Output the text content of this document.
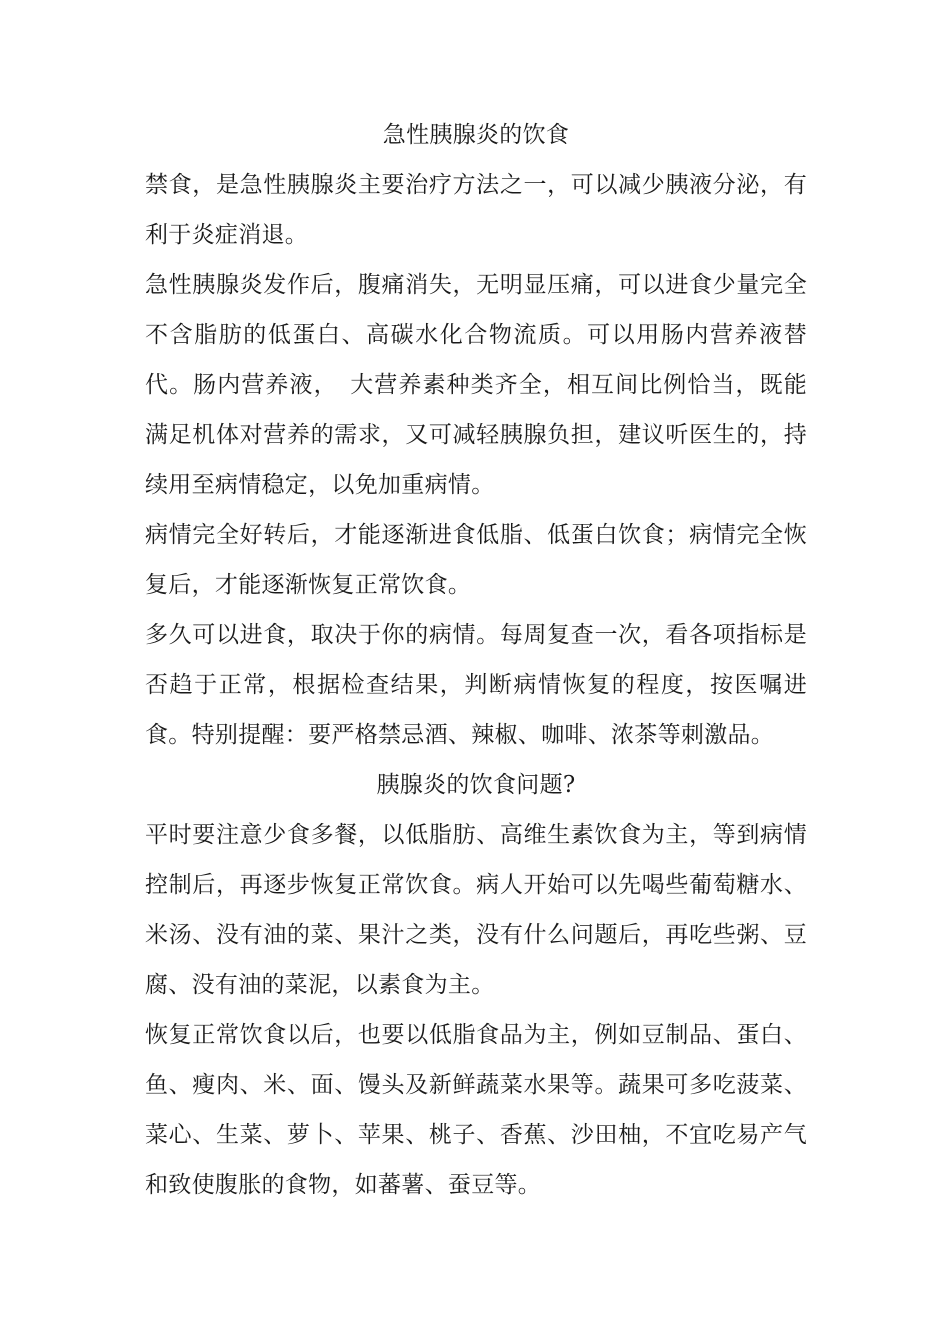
急性胰腺炎的饮食

禁食，是急性胰腺炎主要治疗方法之一，可以减少胰液分泌，有利于炎症消退。

急性胰腺炎发作后，腹痛消失，无明显压痛，可以进食少量完全不含脂肪的低蛋白、高碳水化合物流质。可以用肠内营养液替代。肠内营养液，　大营养素种类齐全，相互间比例恰当，既能满足机体对营养的需求，又可减轻胰腺负担，建议听医生的，持续用至病情稳定，以免加重病情。

病情完全好转后，才能逐渐进食低脂、低蛋白饮食；病情完全恢复后，才能逐渐恢复正常饮食。

多久可以进食，取决于你的病情。每周复查一次，看各项指标是否趋于正常，根据检查结果，判断病情恢复的程度，按医嘱进食。特别提醒：要严格禁忌酒、辣椒、咖啡、浓茶等刺激品。

胰腺炎的饮食问题?

平时要注意少食多餐，以低脂肪、高维生素饮食为主，等到病情控制后，再逐步恢复正常饮食。病人开始可以先喝些葡萄糖水、米汤、没有油的菜、果汁之类，没有什么问题后，再吃些粥、豆腐、没有油的菜泥，以素食为主。

恢复正常饮食以后，也要以低脂食品为主，例如豆制品、蛋白、鱼、瘦肉、米、面、馒头及新鲜蔬菜水果等。蔬果可多吃菠菜、菜心、生菜、萝卜、苹果、桃子、香蕉、沙田柚，不宜吃易产气和致使腹胀的食物，如蕃薯、蚕豆等。
